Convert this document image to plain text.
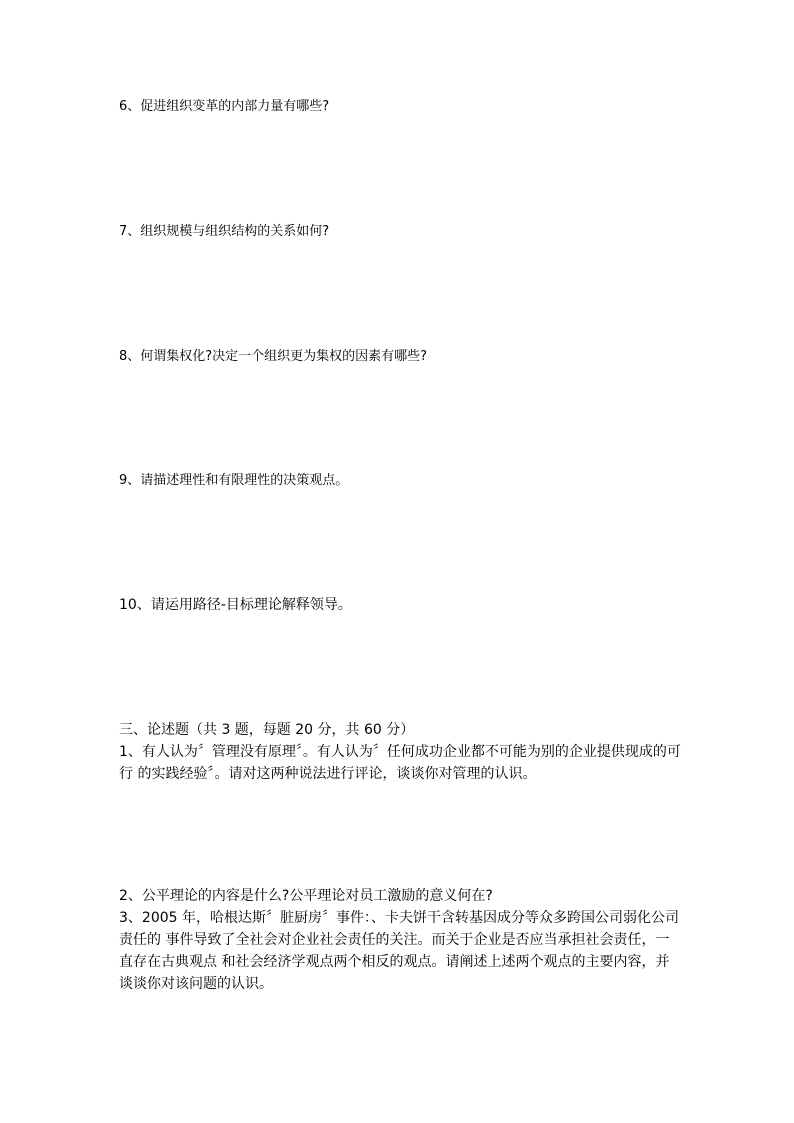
6、促进组织变革的内部力量有哪些?

7、组织规模与组织结构的关系如何?

8、何谓集权化?决定一个组织更为集权的因素有哪些?

9、请描述理性和有限理性的决策观点。

10、请运用路径-目标理论解释领导。

三、论述题（共 3 题，每题 20 分，共 60 分）

1、有人认为〞管理没有原理〞。有人认为〞任何成功企业都不可能为别的企业提供现成的可
行 的实践经验〞。请对这两种说法进行评论，谈谈你对管理的认识。

2、公平理论的内容是什么?公平理论对员工激励的意义何在?

3、2005 年，哈根达斯〞脏厨房〞事件：、卡夫饼干含转基因成分等众多跨国公司弱化公司
责任的 事件导致了全社会对企业社会责任的关注。而关于企业是否应当承担社会责任，一
直存在古典观点 和社会经济学观点两个相反的观点。请阐述上述两个观点的主要内容，并
谈谈你对该问题的认识。
